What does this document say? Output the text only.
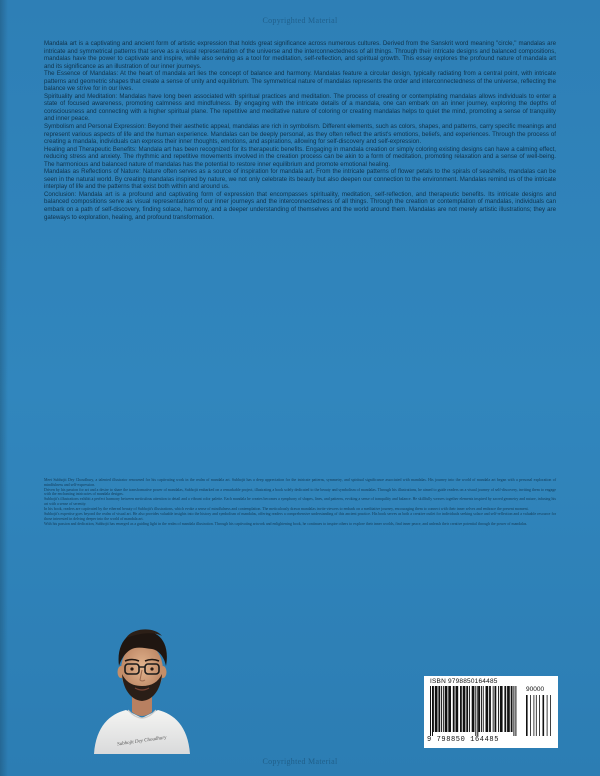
Copyrighted Material

Mandala art is a captivating and ancient form of artistic expression that holds great significance across numerous cultures. Derived from the Sanskrit word meaning "circle," mandalas are intricate and symmetrical patterns that serve as a visual representation of the universe and the interconnectedness of all things. Through their intricate designs and balanced compositions, mandalas have the power to captivate and inspire, while also serving as a tool for meditation, self-reflection, and spiritual growth. This essay explores the profound nature of mandala art and its significance as an illustration of our inner journeys.

The Essence of Mandalas: At the heart of mandala art lies the concept of balance and harmony. Mandalas feature a circular design, typically radiating from a central point, with intricate patterns and geometric shapes that create a sense of unity and equilibrium. The symmetrical nature of mandalas represents the order and interconnectedness of the universe, reflecting the balance we strive for in our lives.

Spirituality and Meditation: Mandalas have long been associated with spiritual practices and meditation. The process of creating or contemplating mandalas allows individuals to enter a state of focused awareness, promoting calmness and mindfulness. By engaging with the intricate details of a mandala, one can embark on an inner journey, exploring the depths of consciousness and connecting with a higher spiritual plane. The repetitive and meditative nature of coloring or creating mandalas helps to quiet the mind, promoting a sense of tranquility and inner peace.

Symbolism and Personal Expression: Beyond their aesthetic appeal, mandalas are rich in symbolism. Different elements, such as colors, shapes, and patterns, carry specific meanings and represent various aspects of life and the human experience. Mandalas can be deeply personal, as they often reflect the artist's emotions, beliefs, and experiences. Through the process of creating a mandala, individuals can express their inner thoughts, emotions, and aspirations, allowing for self-discovery and self-expression.

Healing and Therapeutic Benefits: Mandala art has been recognized for its therapeutic benefits. Engaging in mandala creation or simply coloring existing designs can have a calming effect, reducing stress and anxiety. The rhythmic and repetitive movements involved in the creation process can be akin to a form of meditation, promoting relaxation and a sense of well-being. The harmonious and balanced nature of mandalas has the potential to restore inner equilibrium and promote emotional healing.

Mandalas as Reflections of Nature: Nature often serves as a source of inspiration for mandala art. From the intricate patterns of flower petals to the spirals of seashells, mandalas can be seen in the natural world. By creating mandalas inspired by nature, we not only celebrate its beauty but also deepen our connection to the environment. Mandalas remind us of the intricate interplay of life and the patterns that exist both within and around us.

Conclusion: Mandala art is a profound and captivating form of expression that encompasses spirituality, meditation, self-reflection, and therapeutic benefits. Its intricate designs and balanced compositions serve as visual representations of our inner journeys and the interconnectedness of all things. Through the creation or contemplation of mandalas, individuals can embark on a path of self-discovery, finding solace, harmony, and a deeper understanding of themselves and the world around them. Mandalas are not merely artistic illustrations; they are gateways to exploration, healing, and profound transformation.

Meet Subhojit Dey Choudhury, a talented illustrator renowned for his captivating work in the realm of mandala art. Subhojit has a deep appreciation for the intricate patterns, symmetry, and spiritual significance associated with mandalas. His journey into the world of mandala art began with a personal exploration of mindfulness and self-expression.

Driven by his passion for art and a desire to share the transformative power of mandalas, Subhojit embarked on a remarkable project, illustrating a book solely dedicated to the beauty and symbolism of mandalas. Through his illustrations, he aimed to guide readers on a visual journey of self-discovery, inviting them to engage with the enchanting intricacies of mandala designs.

Subhojit's illustrations exhibit a perfect harmony between meticulous attention to detail and a vibrant color palette. Each mandala he creates becomes a symphony of shapes, lines, and patterns, evoking a sense of tranquility and balance. He skillfully weaves together elements inspired by sacred geometry and nature, infusing his art with a sense of serenity.

In his book, readers are captivated by the ethereal beauty of Subhojit's illustrations, which evoke a sense of mindfulness and contemplation. The meticulously drawn mandalas invite viewers to embark on a meditative journey, encouraging them to connect with their inner selves and embrace the present moment.

Subhojit's expertise goes beyond the realm of visual art. He also provides valuable insights into the history and symbolism of mandalas, offering readers a comprehensive understanding of this ancient practice. His book serves as both a creative outlet for individuals seeking solace and self-reflection and a valuable resource for those interested in delving deeper into the world of mandala art.

With his passion and dedication, Subhojit has emerged as a guiding light in the realm of mandala illustration. Through his captivating artwork and enlightening book, he continues to inspire others to explore their inner worlds, find inner peace, and unleash their creative potential through the power of mandalas.

Subhojit Dey Choudhury
ISBN 9798850164485
90000
9 798850 164485
Copyrighted Material
